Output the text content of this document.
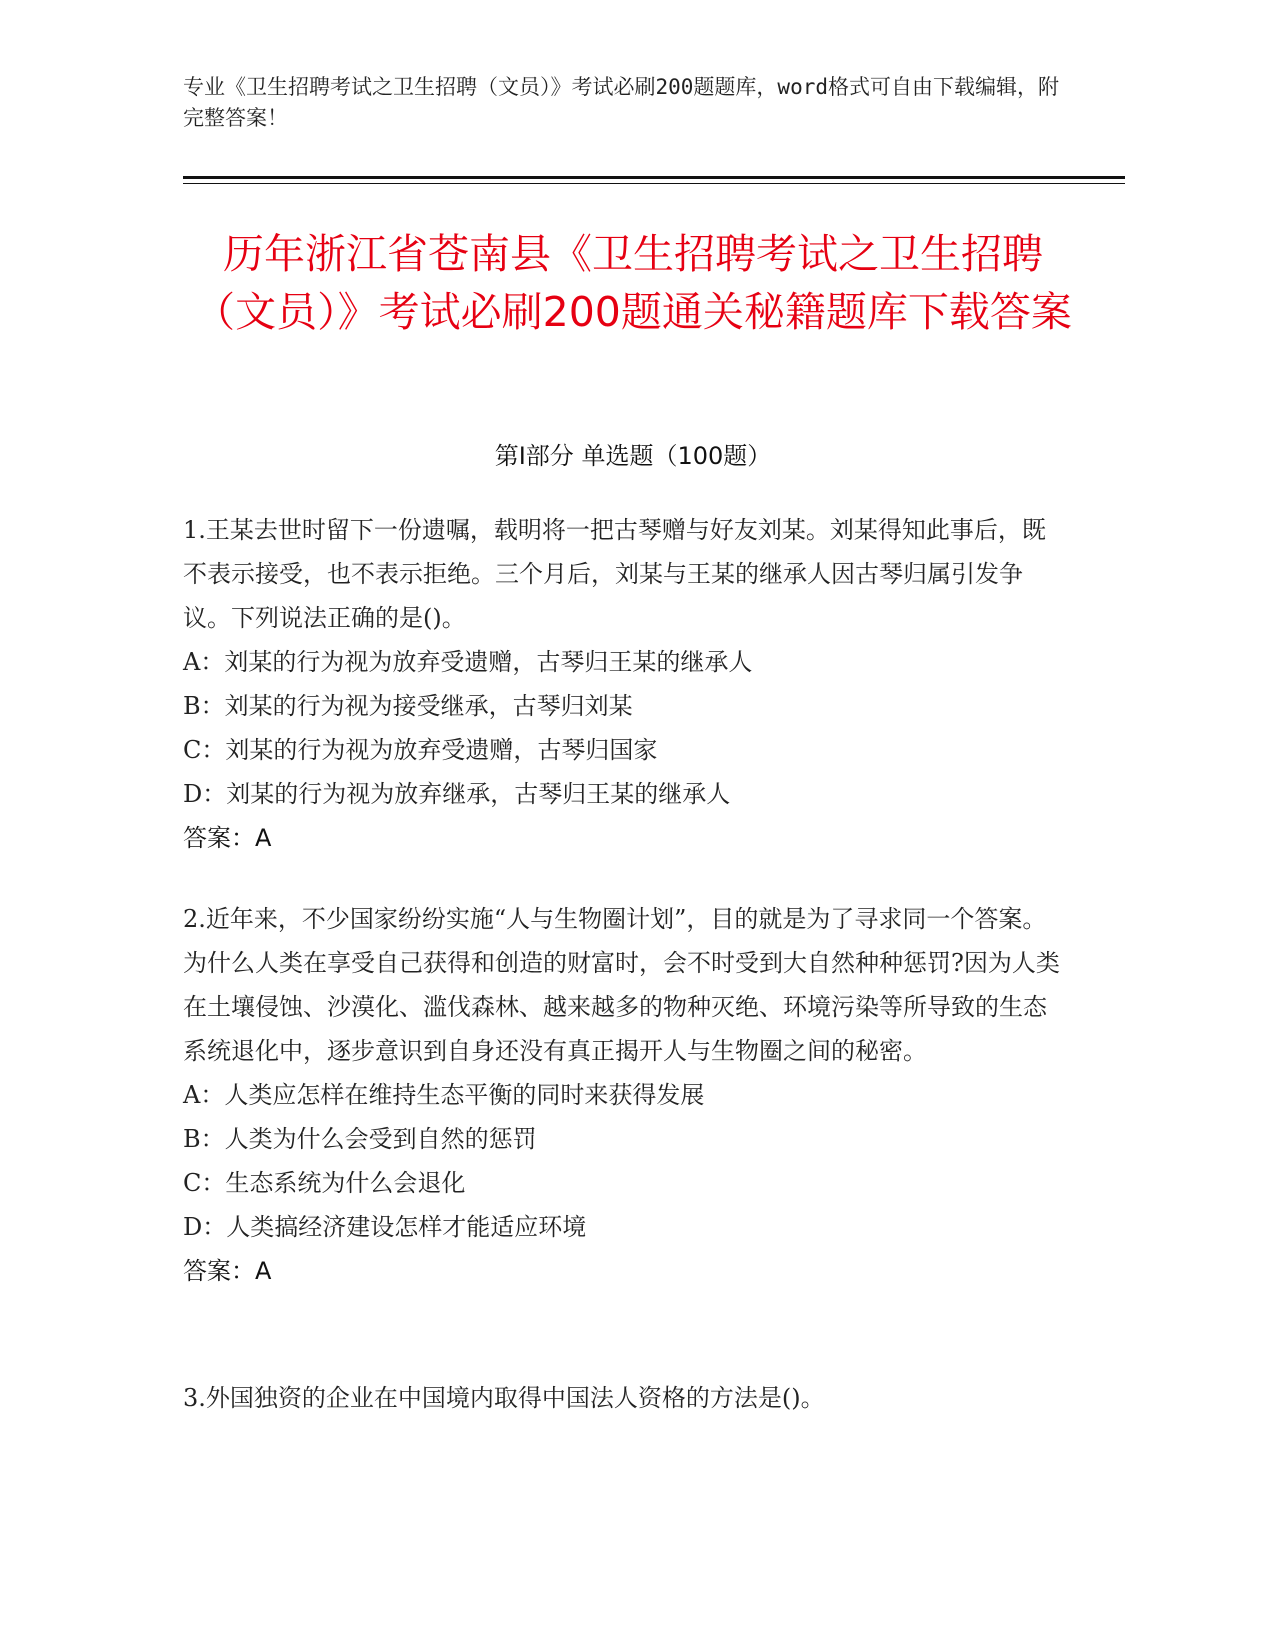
专业《卫生招聘考试之卫生招聘（文员）》考试必刷200题题库，word格式可自由下载编辑，附完整答案！
历年浙江省苍南县《卫生招聘考试之卫生招聘（文员）》考试必刷200题通关秘籍题库下载答案
第Ⅰ部分 单选题（100题）

1.王某去世时留下一份遗嘱，载明将一把古琴赠与好友刘某。刘某得知此事后，既不表示接受，也不表示拒绝。三个月后，刘某与王某的继承人因古琴归属引发争议。下列说法正确的是()。

A：刘某的行为视为放弃受遗赠，古琴归王某的继承人

B：刘某的行为视为接受继承，古琴归刘某

C：刘某的行为视为放弃受遗赠，古琴归国家

D：刘某的行为视为放弃继承，古琴归王某的继承人

答案：A

2.近年来，不少国家纷纷实施“人与生物圈计划”，目的就是为了寻求同一个答案。为什么人类在享受自己获得和创造的财富时，会不时受到大自然种种惩罚?因为人类在土壤侵蚀、沙漠化、滥伐森林、越来越多的物种灭绝、环境污染等所导致的生态系统退化中，逐步意识到自身还没有真正揭开人与生物圈之间的秘密。

A：人类应怎样在维持生态平衡的同时来获得发展

B：人类为什么会受到自然的惩罚

C：生态系统为什么会退化

D：人类搞经济建设怎样才能适应环境

答案：A

3.外国独资的企业在中国境内取得中国法人资格的方法是()。
